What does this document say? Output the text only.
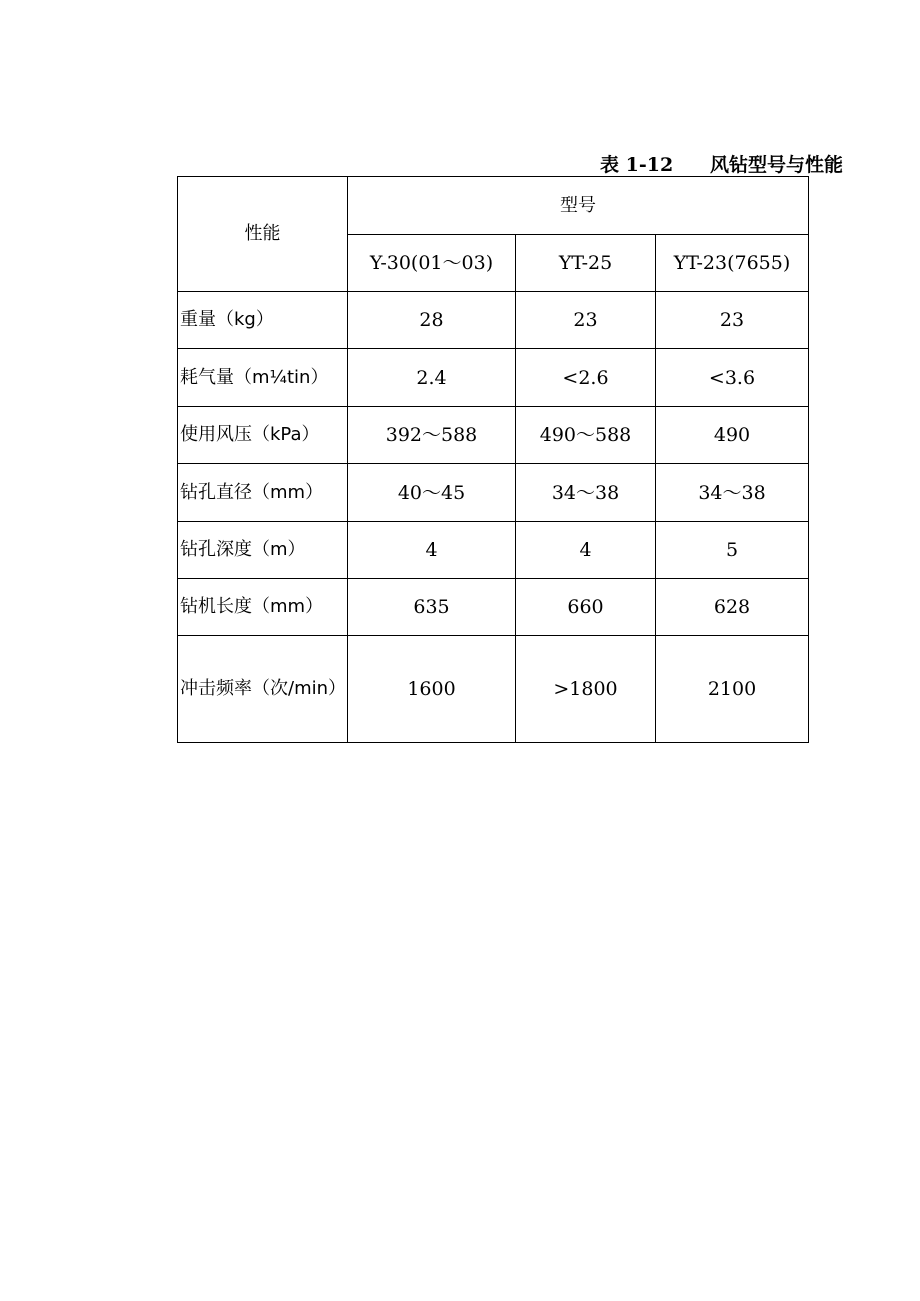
表 1-12 风钻型号与性能
性能	型号		
	Y-30(01～03)	YT-25	YT-23(7655)
重量（kg）	28	23	23
耗气量（m¼tin）	2.4	<2.6	<3.6
使用风压（kPa）	392～588	490～588	490
钻孔直径（mm）	40～45	34～38	34～38
钻孔深度（m）	4	4	5
钻机长度（mm）	635	660	628
冲击频率（次/min）	1600	>1800	2100
